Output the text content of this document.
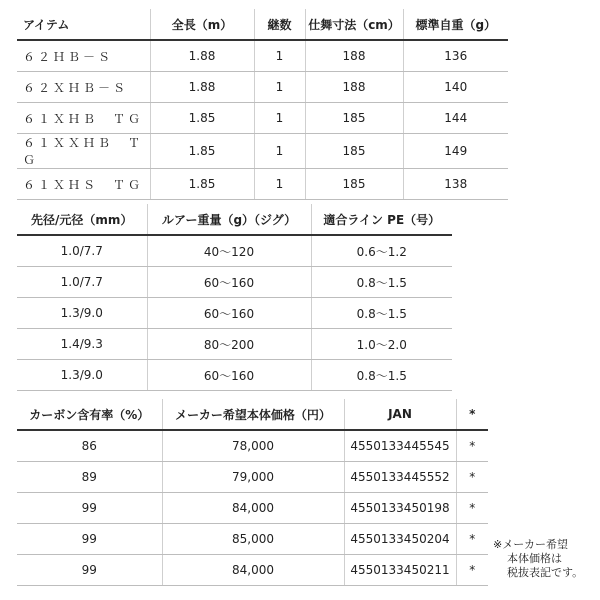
アイテム	全長（m）	継数	仕舞寸法（cm）	標準自重（g）
６２ＨＢ－Ｓ	1.88	1	188	136
６２ＸＨＢ－Ｓ	1.88	1	188	140
６１ＸＨＢ　ＴＧ	1.85	1	185	144
６１ＸＸＨＢ　ＴＧ	1.85	1	185	149
６１ＸＨＳ　ＴＧ	1.85	1	185	138
先径/元径（mm）	ルアー重量（g）（ジグ）	適合ライン PE（号）
1.0/7.7	40〜120	0.6〜1.2
1.0/7.7	60〜160	0.8〜1.5
1.3/9.0	60〜160	0.8〜1.5
1.4/9.3	80〜200	1.0〜2.0
1.3/9.0	60〜160	0.8〜1.5
カーボン含有率（%）	メーカー希望本体価格（円）	JAN	*
86	78,000	4550133445545	*
89	79,000	4550133445552	*
99	84,000	4550133450198	*
99	85,000	4550133450204	*
99	84,000	4550133450211	*
※メーカー希望
本体価格は
税抜表記です。
